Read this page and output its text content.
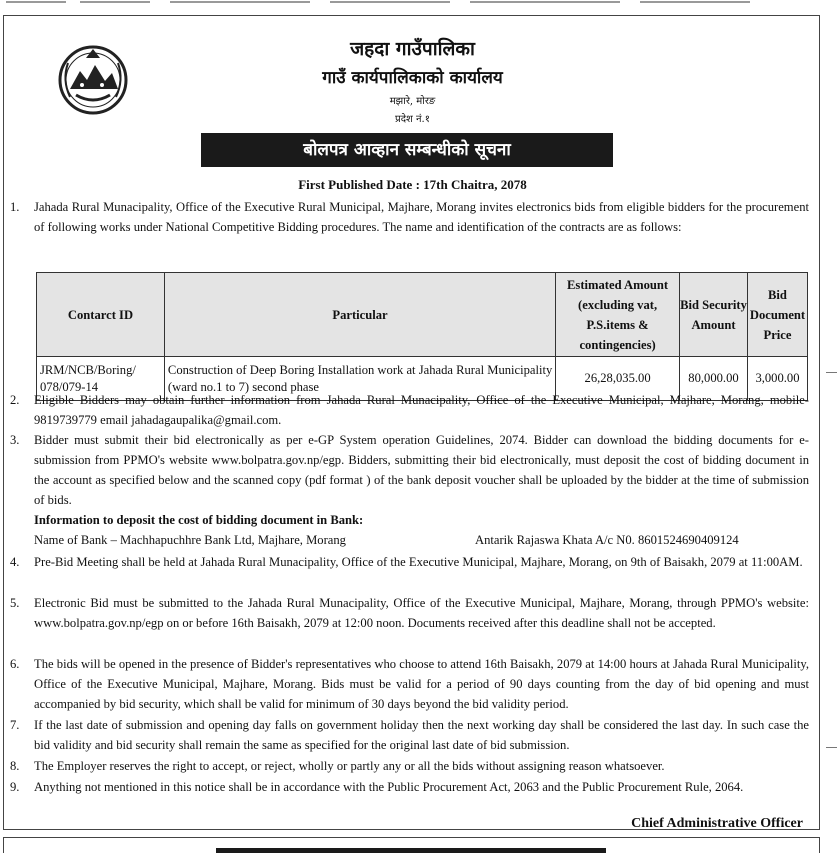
जहदा गाउँपालिका
गाउँ कार्यपालिकाको कार्यालय
मझारे, मोरङ
प्रदेश नं.१
बोलपत्र आव्हान सम्बन्धीको सूचना
First Published Date : 17th Chaitra, 2078
1. Jahada Rural Munacipality, Office of the Executive Rural Municipal, Majhare, Morang invites electronics bids from eligible bidders for the procurement of following works under National Competitive Bidding procedures. The name and identification of the contracts are as follows:
Contarct ID	Particular	Estimated Amount (excluding vat, P.S.items & contingencies)	Bid Security Amount	Bid Document Price
JRM/NCB/Boring/ 078/079-14	Construction of Deep Boring Installation work at Jahada Rural Municipality (ward no.1 to 7) second phase	26,28,035.00	80,000.00	3,000.00
2. Eligible Bidders may obtain further information from Jahada Rural Munacipality, Office of the Executive Municipal, Majhare, Morang, mobile-9819739779 email jahadagaupalika@gmail.com.
3. Bidder must submit their bid electronically as per e-GP System operation Guidelines, 2074. Bidder can download the bidding documents for e-submission from PPMO's website www.bolpatra.gov.np/egp. Bidders, submitting their bid electronically, must deposit the cost of bidding document in the account as specified below and the scanned copy (pdf format ) of the bank deposit voucher shall be uploaded by the bidder at the time of submission of bids.
Information to deposit the cost of bidding document in Bank:
Name of Bank – Machhapuchhre Bank Ltd, Majhare, Morang	Antarik Rajaswa Khata A/c N0. 8601524690409124
4. Pre-Bid Meeting shall be held at Jahada Rural Munacipality, Office of the Executive Municipal, Majhare, Morang, on 9th of Baisakh, 2079 at 11:00AM.
5. Electronic Bid must be submitted to the Jahada Rural Munacipality, Office of the Executive Municipal, Majhare, Morang, through PPMO's website: www.bolpatra.gov.np/egp on or before 16th Baisakh, 2079 at 12:00 noon. Documents received after this deadline shall not be accepted.
6. The bids will be opened in the presence of Bidder's representatives who choose to attend 16th Baisakh, 2079 at 14:00 hours at Jahada Rural Municipality, Office of the Executive Municipal, Majhare, Morang. Bids must be valid for a period of 90 days counting from the day of bid opening and must accompanied by bid security, which shall be valid for minimum of 30 days beyond the bid validity period.
7. If the last date of submission and opening day falls on government holiday then the next working day shall be considered the last day. In such case the bid validity and bid security shall remain the same as specified for the original last date of bid submission.
8. The Employer reserves the right to accept, or reject, wholly or partly any or all the bids without assigning reason whatsoever.
9. Anything not mentioned in this notice shall be in accordance with the Public Procurement Act, 2063 and the Public Procurement Rule, 2064.
Chief Administrative Officer
